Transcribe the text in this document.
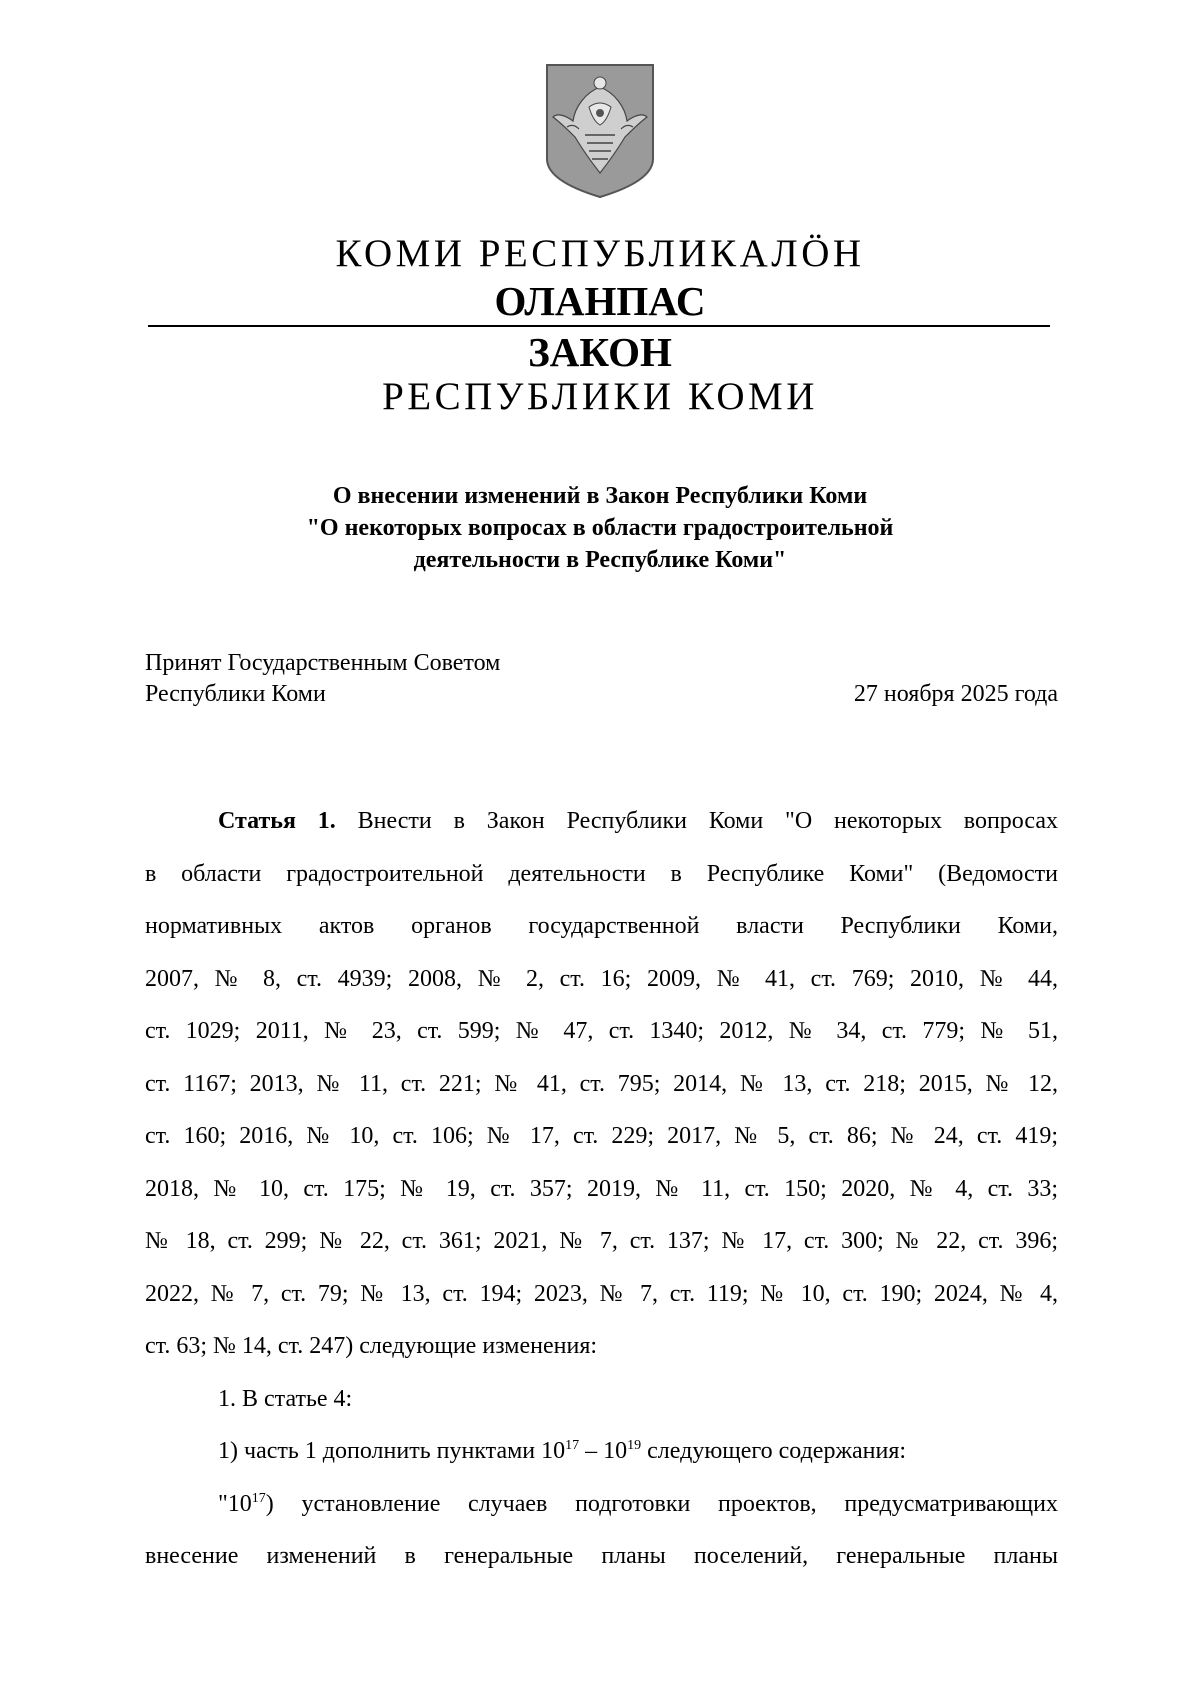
КОМИ РЕСПУБЛИКАЛӦН
ОЛАНПАС
ЗАКОН
РЕСПУБЛИКИ КОМИ
О внесении изменений в Закон Республики Коми
"О некоторых вопросах в области градостроительной
деятельности в Республике Коми"
Принят Государственным Советом
Республики Коми	27 ноября 2025 года
Статья 1. Внести в Закон Республики Коми "О некоторых вопросах
в области градостроительной деятельности в Республике Коми" (Ведомости
нормативных актов органов государственной власти Республики Коми,
2007, № 8, ст. 4939; 2008, № 2, ст. 16; 2009, № 41, ст. 769; 2010, № 44,
ст. 1029; 2011, № 23, ст. 599; № 47, ст. 1340; 2012, № 34, ст. 779; № 51,
ст. 1167; 2013, № 11, ст. 221; № 41, ст. 795; 2014, № 13, ст. 218; 2015, № 12,
ст. 160; 2016, № 10, ст. 106; № 17, ст. 229; 2017, № 5, ст. 86; № 24, ст. 419;
2018, № 10, ст. 175; № 19, ст. 357; 2019, № 11, ст. 150; 2020, № 4, ст. 33;
№ 18, ст. 299; № 22, ст. 361; 2021, № 7, ст. 137; № 17, ст. 300; № 22, ст. 396;
2022, № 7, ст. 79; № 13, ст. 194; 2023, № 7, ст. 119; № 10, ст. 190; 2024, № 4,
ст. 63; № 14, ст. 247) следующие изменения:
1. В статье 4:
1) часть 1 дополнить пунктами $10^{17} - 10^{19}$ следующего содержания:
"$10^{17}$) установление случаев подготовки проектов, предусматривающих
внесение изменений в генеральные планы поселений, генеральные планы
